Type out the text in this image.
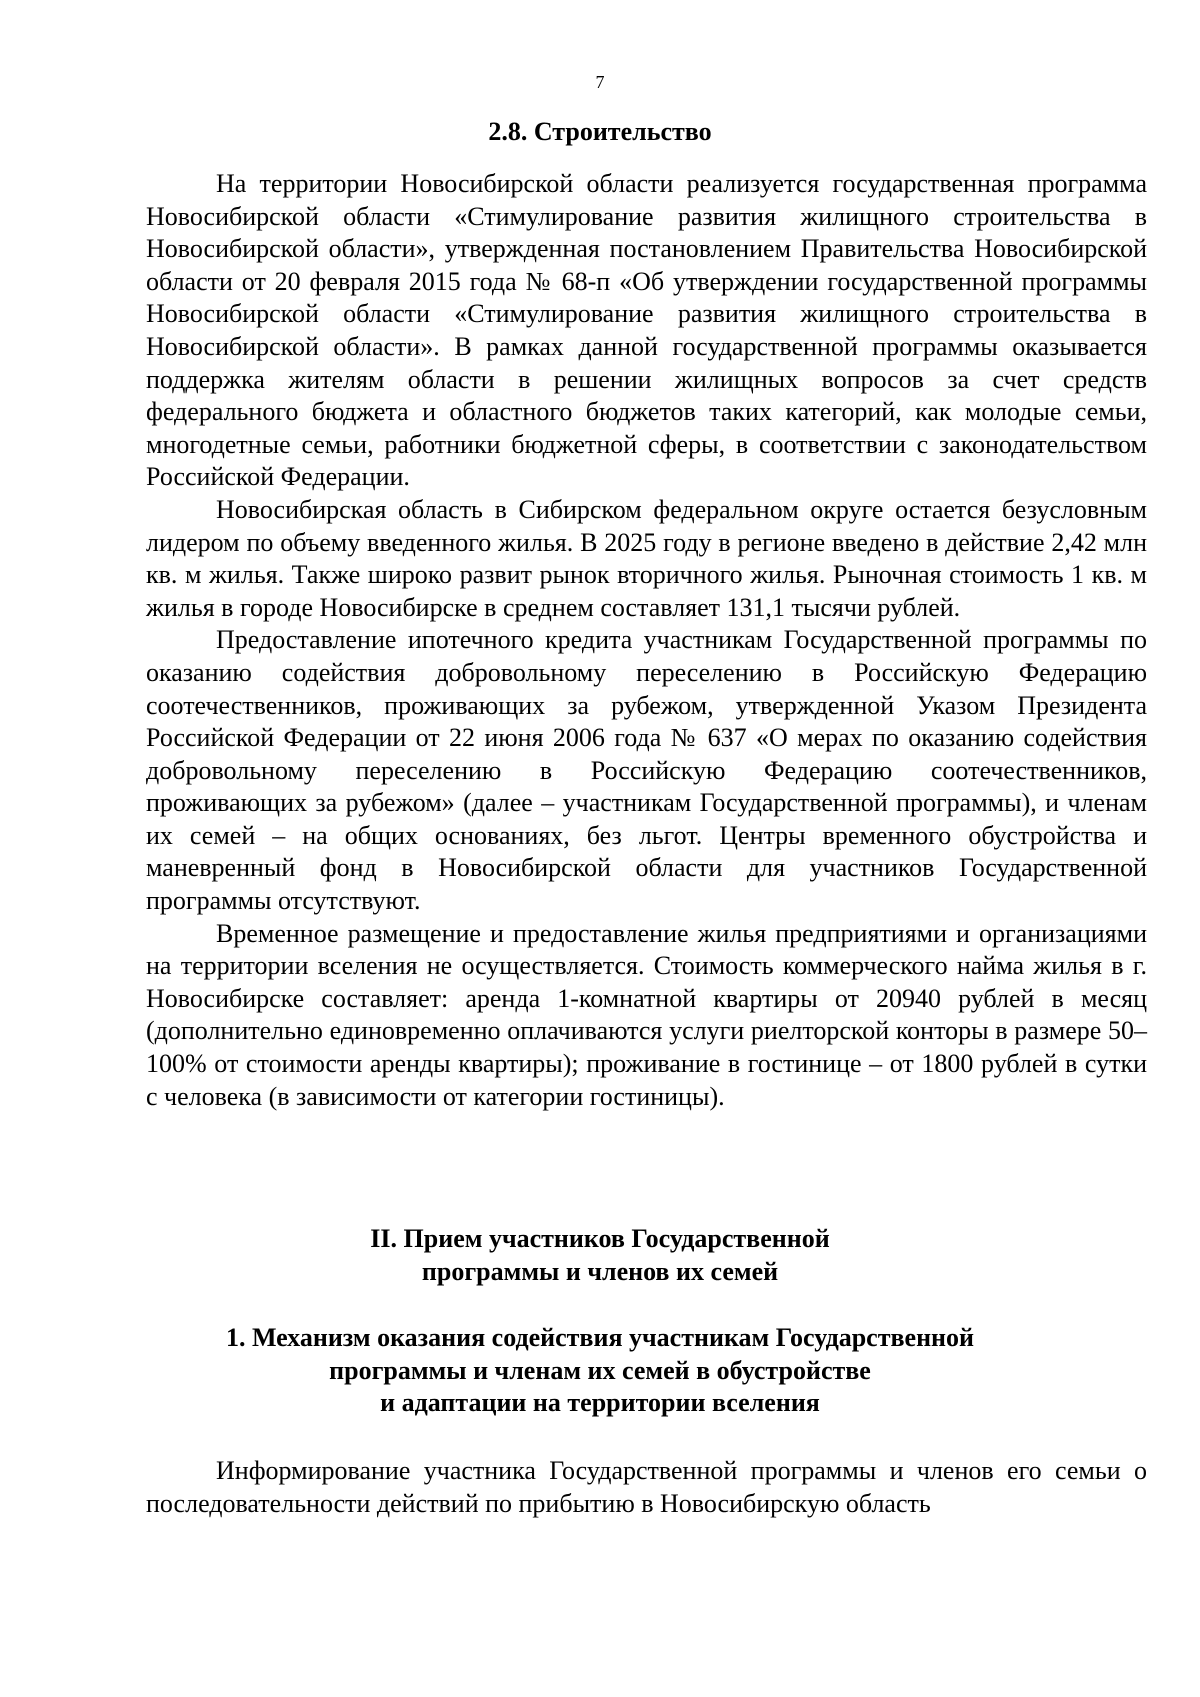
7
2.8. Строительство

На территории Новосибирской области реализуется государственная программа Новосибирской области «Стимулирование развития жилищного строительства в Новосибирской области», утвержденная постановлением Правительства Новосибирской области от 20 февраля 2015 года № 68-п «Об утверждении государственной программы Новосибирской области «Стимулирование развития жилищного строительства в Новосибирской области». В рамках данной государственной программы оказывается поддержка жителям области в решении жилищных вопросов за счет средств федерального бюджета и областного бюджетов таких категорий, как молодые семьи, многодетные семьи, работники бюджетной сферы, в соответствии с законодательством Российской Федерации.

Новосибирская область в Сибирском федеральном округе остается безусловным лидером по объему введенного жилья. В 2025 году в регионе введено в действие 2,42 млн кв. м жилья. Также широко развит рынок вторичного жилья. Рыночная стоимость 1 кв. м жилья в городе Новосибирске в среднем составляет 131,1 тысячи рублей.

Предоставление ипотечного кредита участникам Государственной программы по оказанию содействия добровольному переселению в Российскую Федерацию соотечественников, проживающих за рубежом, утвержденной Указом Президента Российской Федерации от 22 июня 2006 года № 637 «О мерах по оказанию содействия добровольному переселению в Российскую Федерацию соотечественников, проживающих за рубежом» (далее – участникам Государственной программы), и членам их семей – на общих основаниях, без льгот. Центры временного обустройства и маневренный фонд в Новосибирской области для участников Государственной программы отсутствуют.

Временное размещение и предоставление жилья предприятиями и организациями на территории вселения не осуществляется. Стоимость коммерческого найма жилья в г. Новосибирске составляет: аренда 1-комнатной квартиры от 20940 рублей в месяц (дополнительно единовременно оплачиваются услуги риелторской конторы в размере 50–100% от стоимости аренды квартиры); проживание в гостинице – от 1800 рублей в сутки с человека (в зависимости от категории гостиницы).

II. Прием участников Государственной
программы и членов их семей
1. Механизм оказания содействия участникам Государственной
программы и членам их семей в обустройстве
и адаптации на территории вселения

Информирование участника Государственной программы и членов его семьи о последовательности действий по прибытию в Новосибирскую область
